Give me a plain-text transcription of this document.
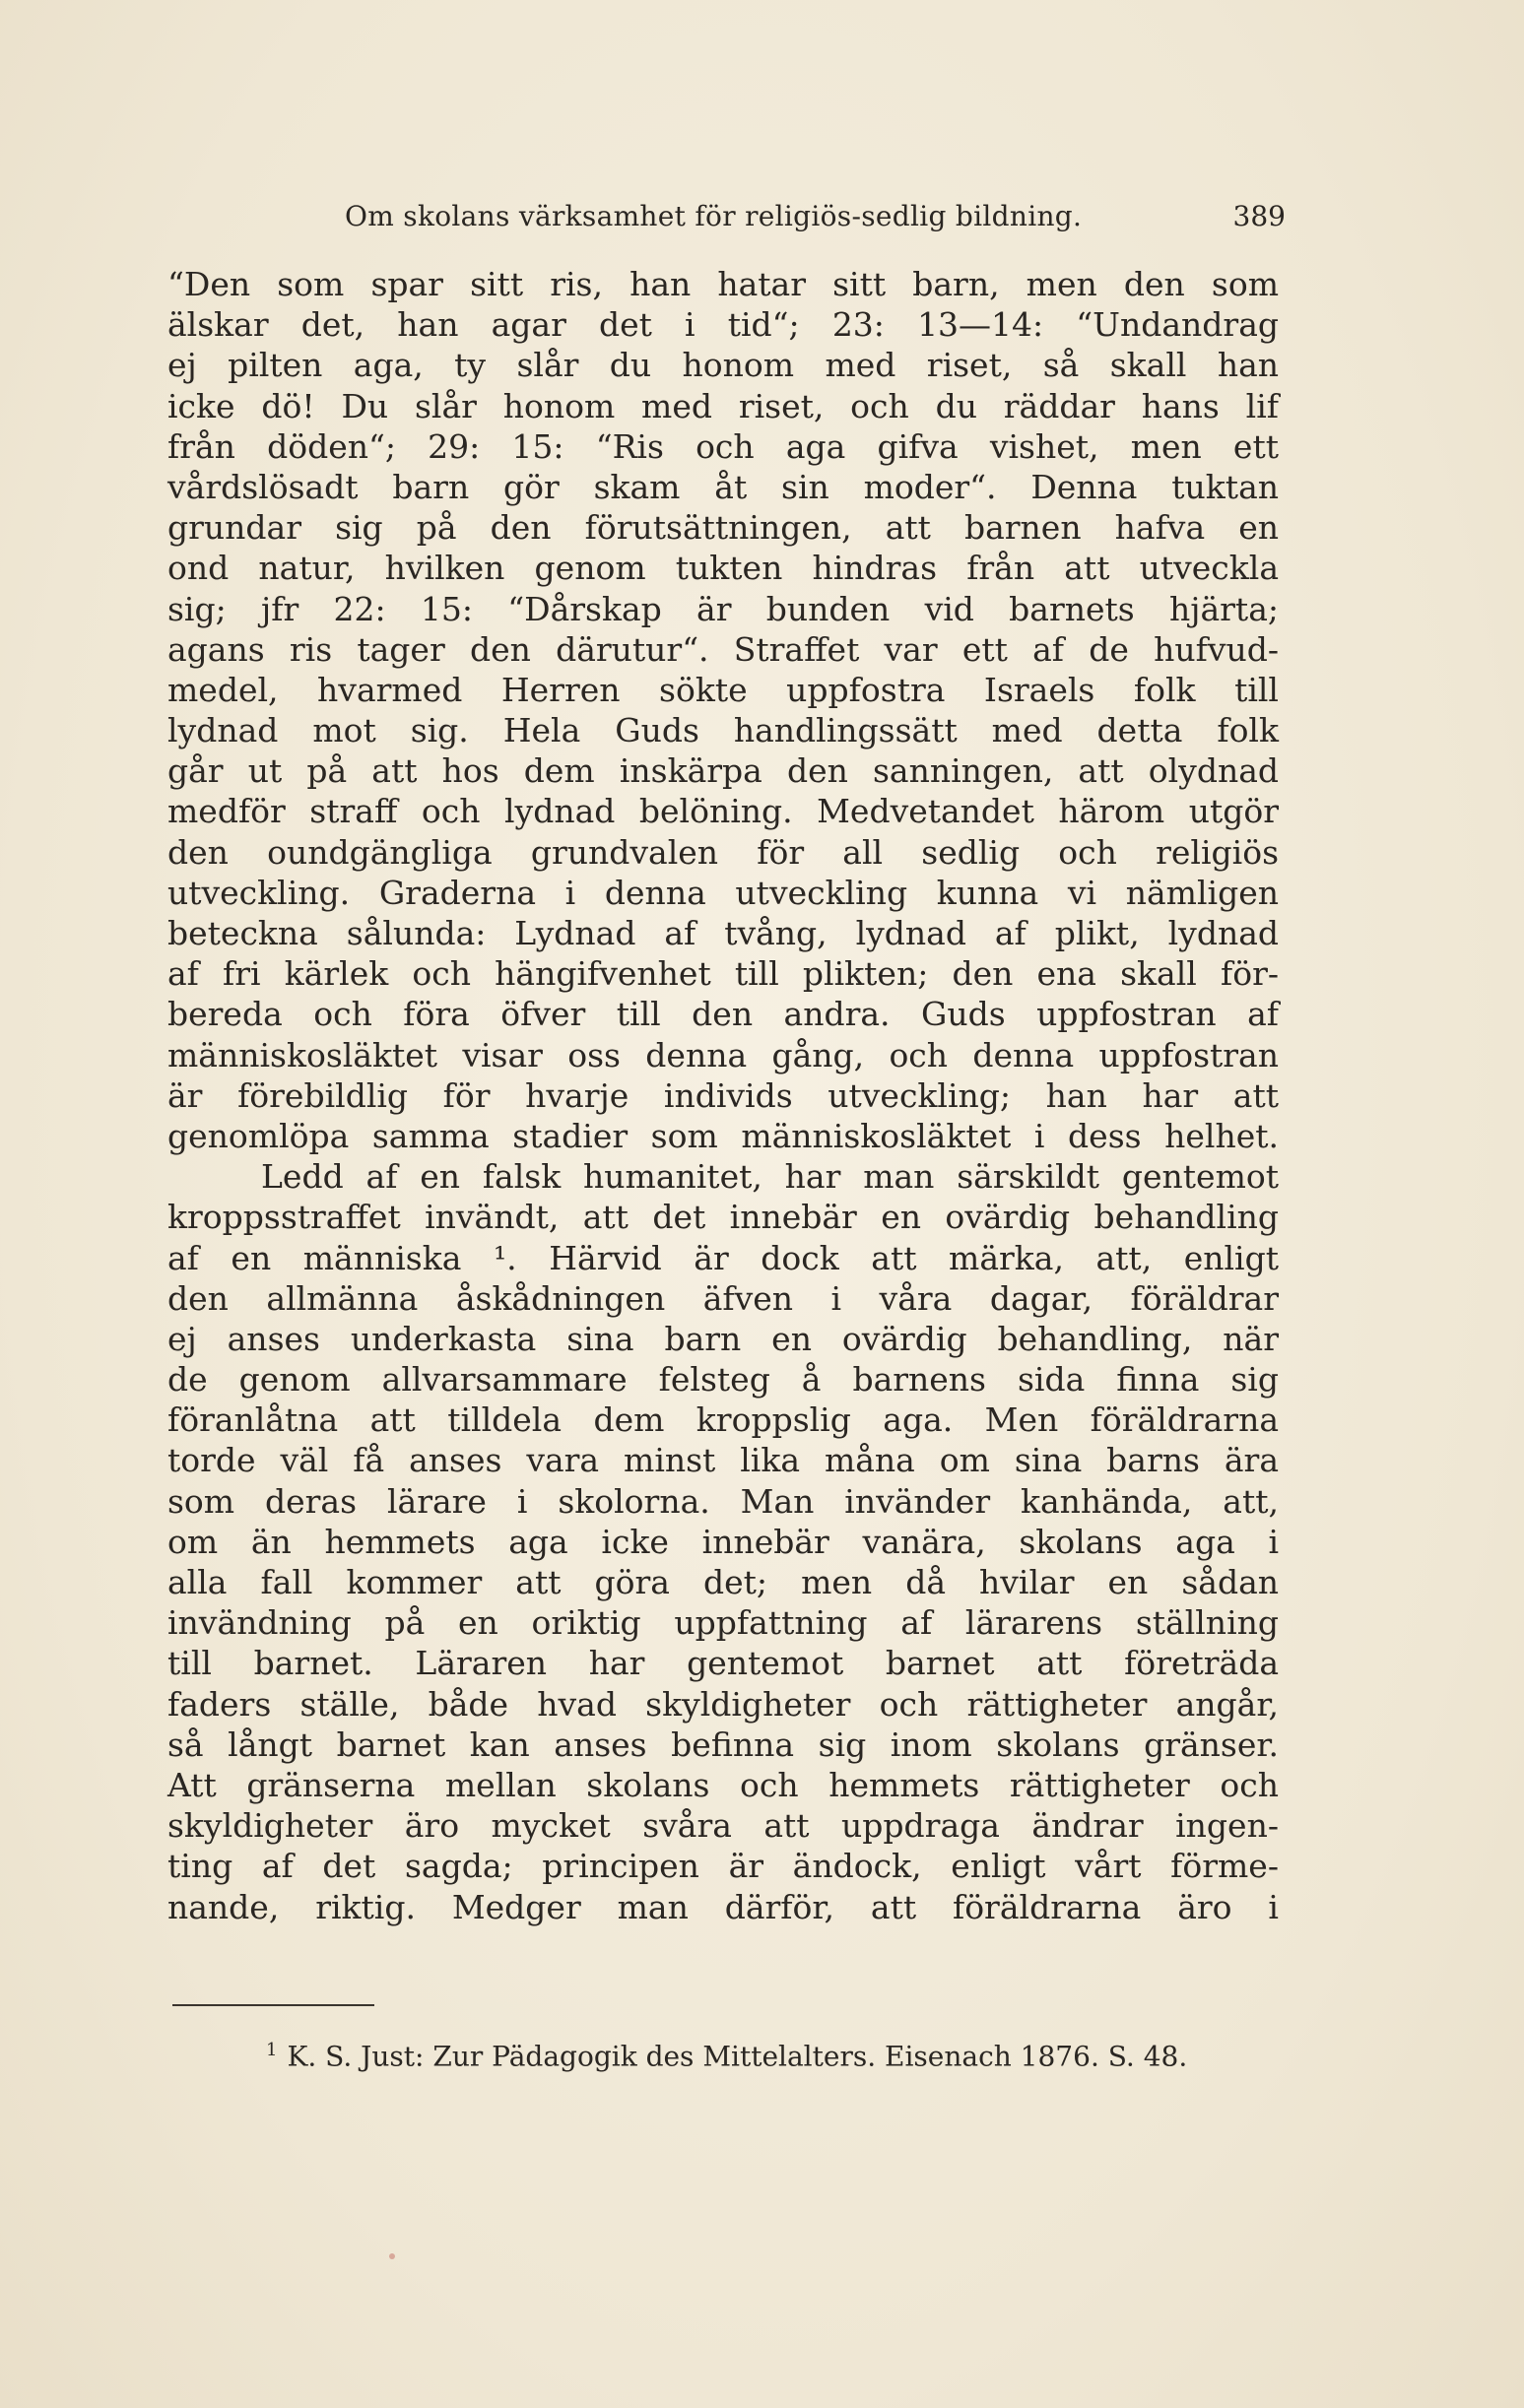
Om skolans värksamhet för religiös-sedlig bildning.	389
“Den som spar sitt ris, han hatar sitt barn, men den som
älskar det, han agar det i tid“; 23: 13—14: “Undandrag
ej pilten aga, ty slår du honom med riset, så skall han
icke dö! Du slår honom med riset, och du räddar hans lif
från döden“; 29: 15: “Ris och aga gifva vishet, men ett
vårdslösadt barn gör skam åt sin moder“. Denna tuktan
grundar sig på den förutsättningen, att barnen hafva en
ond natur, hvilken genom tukten hindras från att utveckla
sig; jfr 22: 15: “Dårskap är bunden vid barnets hjärta;
agans ris tager den därutur“. Straffet var ett af de hufvud-
medel, hvarmed Herren sökte uppfostra Israels folk till
lydnad mot sig. Hela Guds handlingssätt med detta folk
går ut på att hos dem inskärpa den sanningen, att olydnad
medför straff och lydnad belöning. Medvetandet härom utgör
den oundgängliga grundvalen för all sedlig och religiös
utveckling. Graderna i denna utveckling kunna vi nämligen
beteckna sålunda: Lydnad af tvång, lydnad af plikt, lydnad
af fri kärlek och hängifvenhet till plikten; den ena skall för-
bereda och föra öfver till den andra. Guds uppfostran af
människosläktet visar oss denna gång, och denna uppfostran
är förebildlig för hvarje individs utveckling; han har att
genomlöpa samma stadier som människosläktet i dess helhet.
Ledd af en falsk humanitet, har man särskildt gentemot
kroppsstraffet invändt, att det innebär en ovärdig behandling
af en människa ¹. Härvid är dock att märka, att, enligt
den allmänna åskådningen äfven i våra dagar, föräldrar
ej anses underkasta sina barn en ovärdig behandling, när
de genom allvarsammare felsteg å barnens sida finna sig
föranlåtna att tilldela dem kroppslig aga. Men föräldrarna
torde väl få anses vara minst lika måna om sina barns ära
som deras lärare i skolorna. Man invänder kanhända, att,
om än hemmets aga icke innebär vanära, skolans aga i
alla fall kommer att göra det; men då hvilar en sådan
invändning på en oriktig uppfattning af lärarens ställning
till barnet. Läraren har gentemot barnet att företräda
faders ställe, både hvad skyldigheter och rättigheter angår,
så långt barnet kan anses befinna sig inom skolans gränser.
Att gränserna mellan skolans och hemmets rättigheter och
skyldigheter äro mycket svåra att uppdraga ändrar ingen-
ting af det sagda; principen är ändock, enligt vårt förme-
nande, riktig. Medger man därför, att föräldrarna äro i
$^1$ K. S. Just: Zur Pädagogik des Mittelalters. Eisenach 1876. S. 48.
